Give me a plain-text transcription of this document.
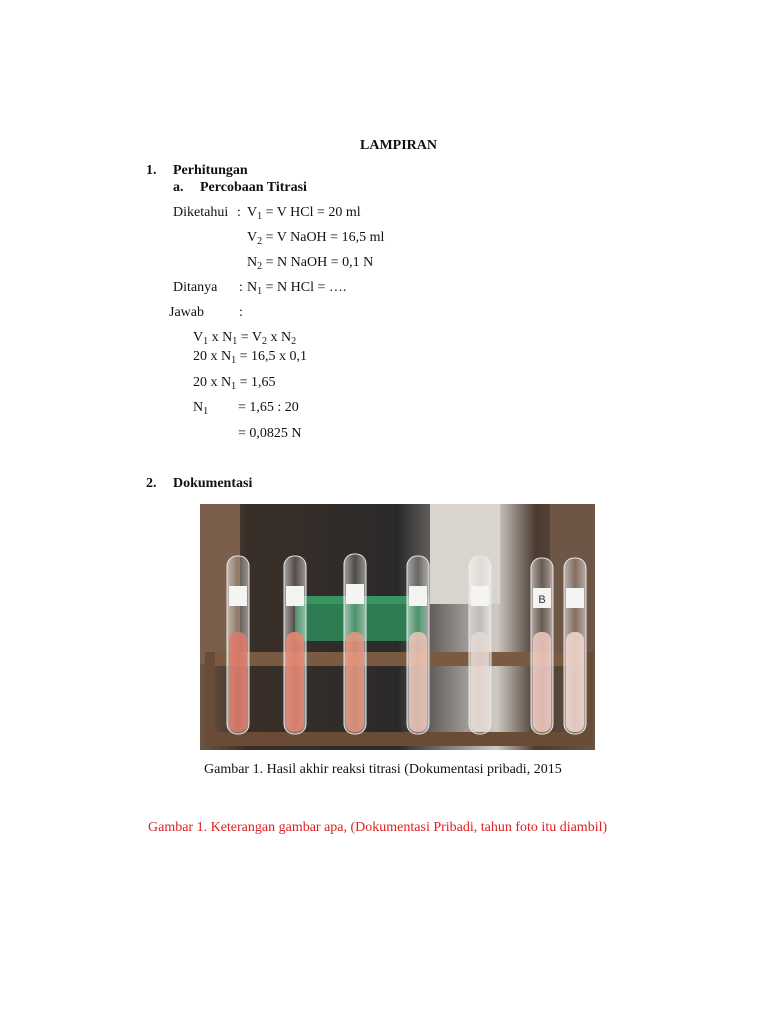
LAMPIRAN
1. Perhitungan
a. Percobaan Titrasi
Diketahui : $V_1 = V$ HCl = 20 ml
$V_2 = V$ NaOH = 16,5 ml
$N_2 = N$ NaOH = 0,1 N
Ditanya : $N_1 = N$ HCl = ….
Jawab	:
$V_1$ x $N_1 = V_2$ x $N_2$
20 x $N_1 = 16,5$ x 0,1
20 x $N_1 = 1,65$
$N_1 = 1,65$ : 20
= 0,0825 N
2. Dokumentasi
B
Gambar 1. Hasil akhir reaksi titrasi (Dokumentasi pribadi, 2015
Gambar 1. Keterangan gambar apa, (Dokumentasi Pribadi, tahun foto itu diambil)
